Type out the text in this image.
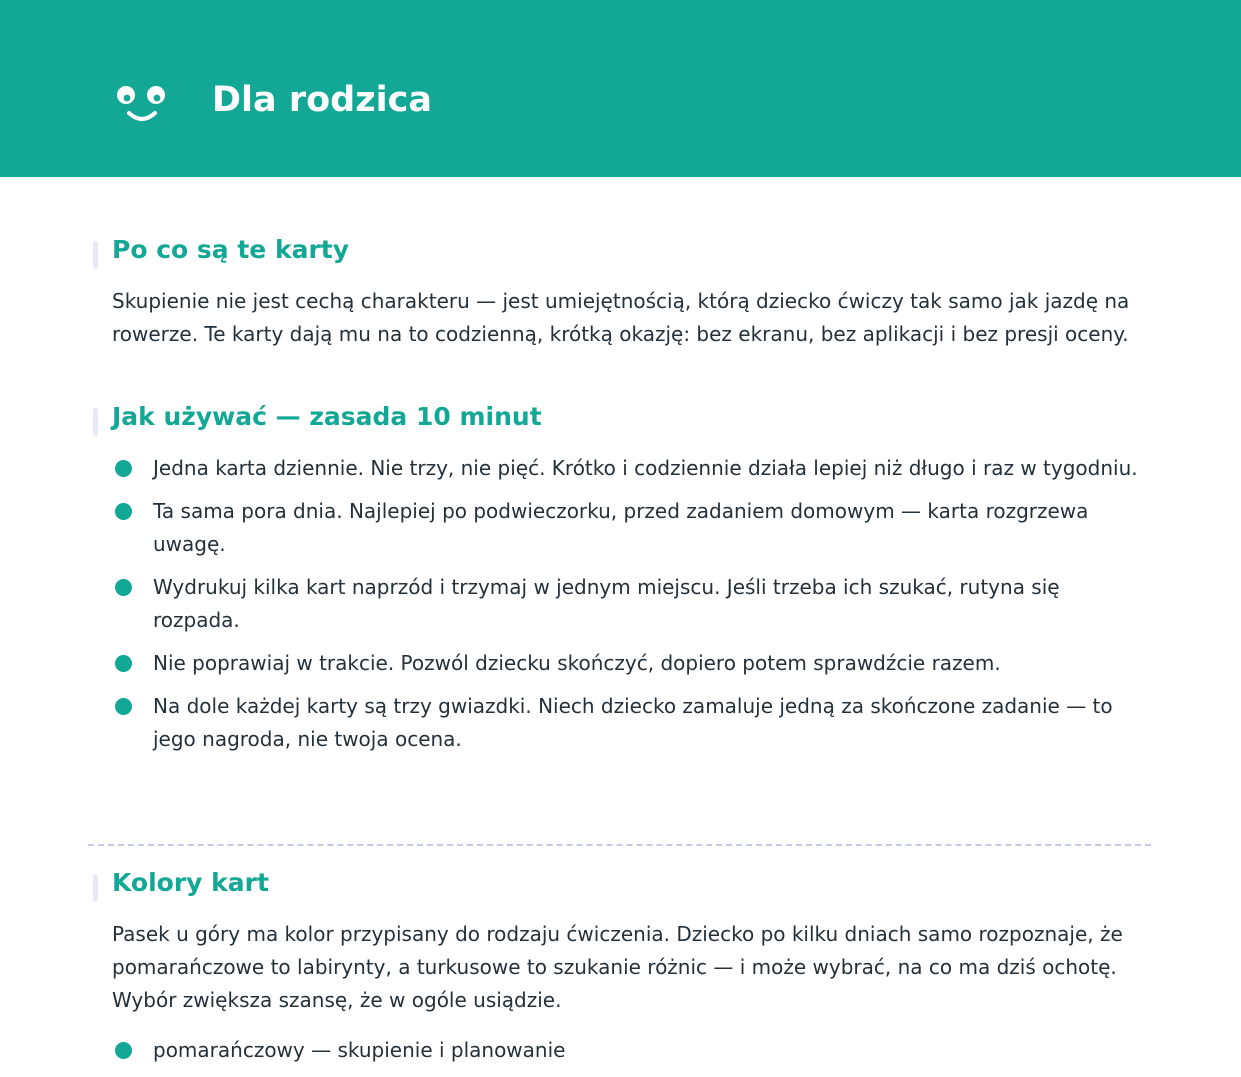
Dla rodzica
Po co są te karty

Skupienie nie jest cechą charakteru — jest umiejętnością, którą dziecko ćwiczy tak samo jak jazdę na rowerze. Te karty dają mu na to codzienną, krótką okazję: bez ekranu, bez aplikacji i bez presji oceny.

Jak używać — zasada 10 minut
Jedna karta dziennie. Nie trzy, nie pięć. Krótko i codziennie działa lepiej niż długo i raz w tygodniu.
Ta sama pora dnia. Najlepiej po podwieczorku, przed zadaniem domowym — karta rozgrzewa uwagę.
Wydrukuj kilka kart naprzód i trzymaj w jednym miejscu. Jeśli trzeba ich szukać, rutyna się rozpada.
Nie poprawiaj w trakcie. Pozwól dziecku skończyć, dopiero potem sprawdźcie razem.
Na dole każdej karty są trzy gwiazdki. Niech dziecko zamaluje jedną za skończone zadanie — to jego nagroda, nie twoja ocena.
Kolory kart

Pasek u góry ma kolor przypisany do rodzaju ćwiczenia. Dziecko po kilku dniach samo rozpoznaje, że pomarańczowe to labirynty, a turkusowe to szukanie różnic — i może wybrać, na co ma dziś ochotę. Wybór zwiększa szansę, że w ogóle usiądzie.

pomarańczowy — skupienie i planowanie
